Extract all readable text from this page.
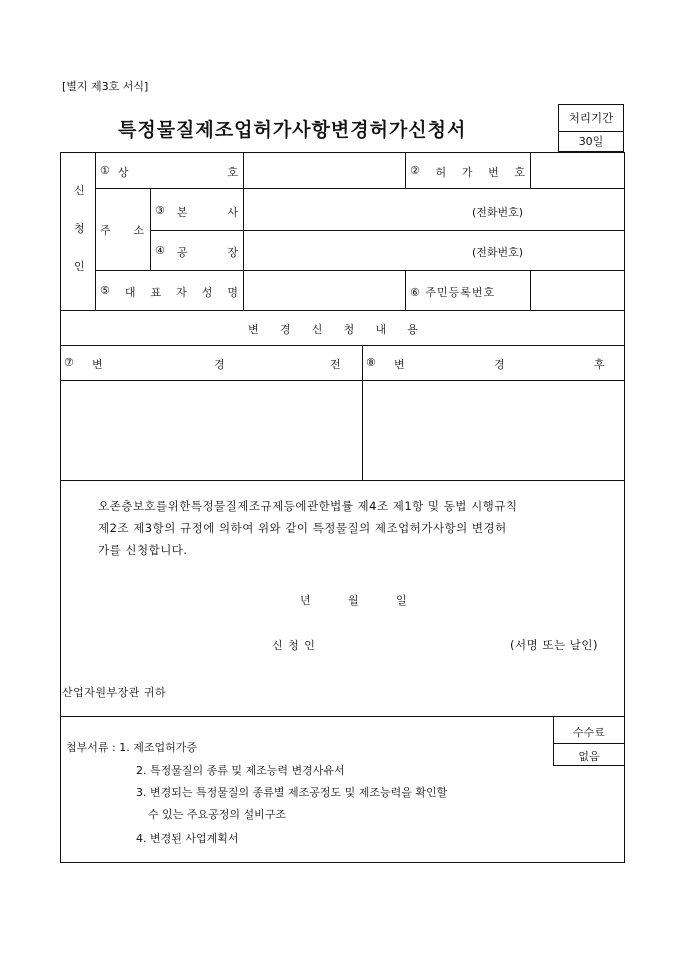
[별지 제3호 서식]
특정물질제조업허가사항변경허가신청서
처리기간
30일
신
청
인
① 상	호	② 허 가 번 호
주 소
③ 본	사	(전화번호)
④ 공	장	(전화번호)
⑤ 대 표 자 성 명	⑥ 주민등록번호
변 경 신 청 내 용
⑦ 변	경	전 ⑧ 변	경	후
오존층보호를위한특정물질제조규제등에관한법률 제4조 제1항 및 동법 시행규칙
제2조 제3항의 규정에 의하여 위와 같이 특정물질의 제조업허가사항의 변경허
가를 신청합니다.
년	월	일
신 청 인	(서명 또는 날인)
산업자원부장관 귀하
첨부서류 : 1. 제조업허가증
2. 특정물질의 종류 및 제조능력 변경사유서
3. 변경되는 특정물질의 종류별 제조공정도 및 제조능력을 확인할
수 있는 주요공정의 설비구조
4. 변경된 사업계획서
수수료
없음
